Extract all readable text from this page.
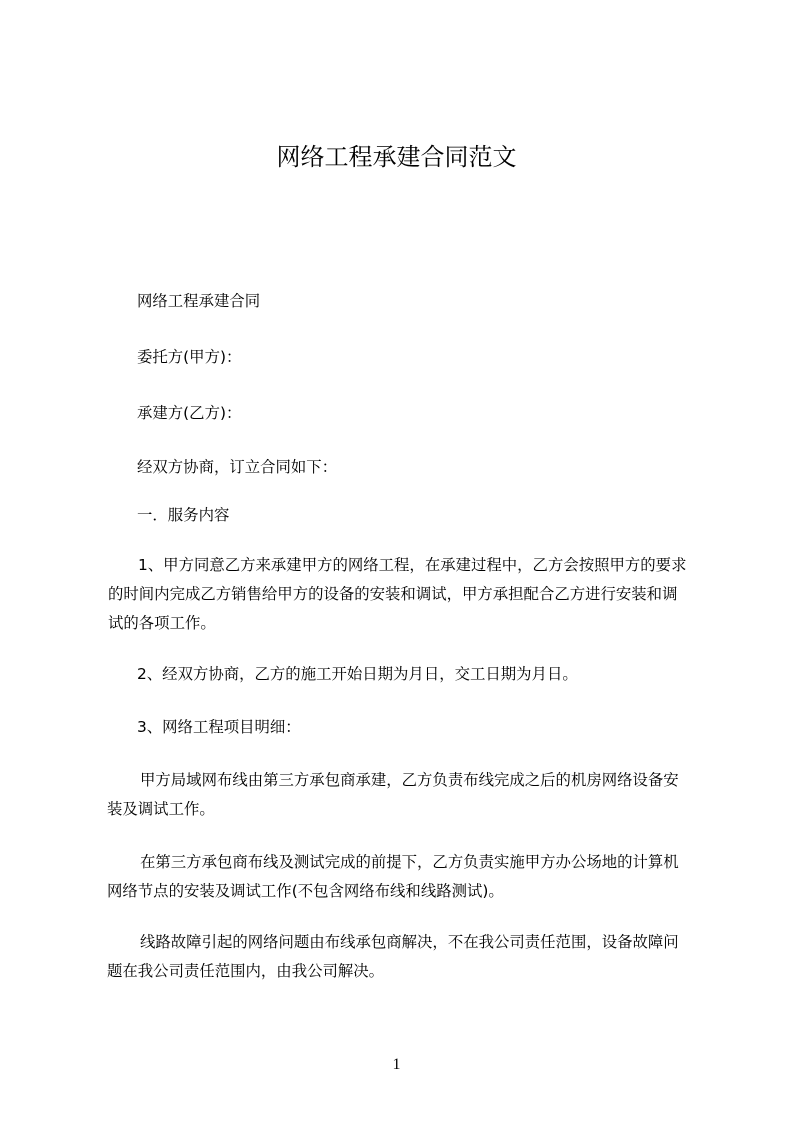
网络工程承建合同范文
网络工程承建合同
委托方(甲方)：
承建方(乙方)：
经双方协商，订立合同如下：
一．服务内容
1、甲方同意乙方来承建甲方的网络工程，在承建过程中，乙方会按照甲方的要求
的时间内完成乙方销售给甲方的设备的安装和调试，甲方承担配合乙方进行安装和调
试的各项工作。
2、经双方协商，乙方的施工开始日期为月日，交工日期为月日。
3、网络工程项目明细：
甲方局域网布线由第三方承包商承建，乙方负责布线完成之后的机房网络设备安
装及调试工作。
在第三方承包商布线及测试完成的前提下，乙方负责实施甲方办公场地的计算机
网络节点的安装及调试工作(不包含网络布线和线路测试)。
线路故障引起的网络问题由布线承包商解决，不在我公司责任范围，设备故障问
题在我公司责任范围内，由我公司解决。
1
